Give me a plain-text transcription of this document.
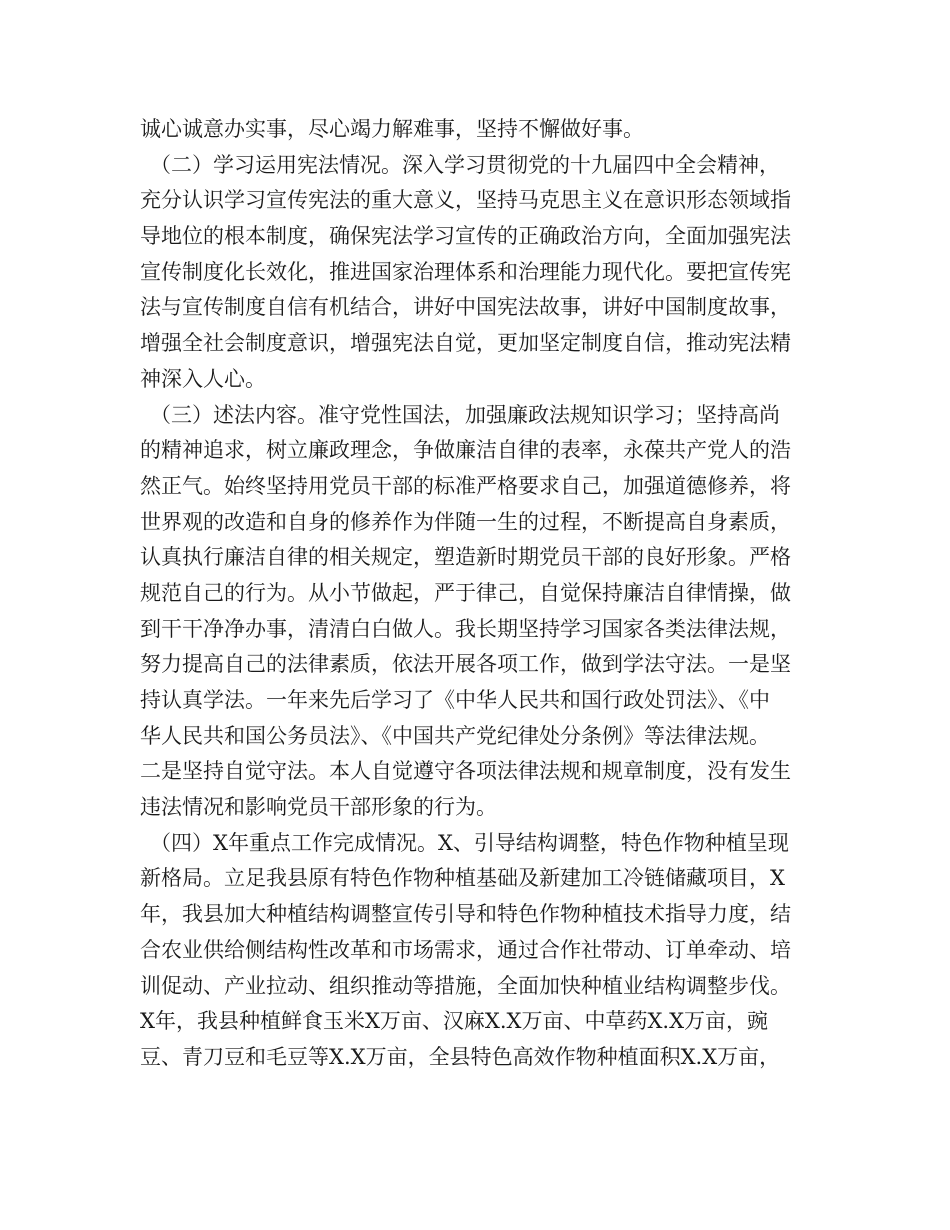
诚心诚意办实事，尽心竭力解难事，坚持不懈做好事。
（二）学习运用宪法情况。深入学习贯彻党的十九届四中全会精神，
充分认识学习宣传宪法的重大意义，坚持马克思主义在意识形态领域指
导地位的根本制度，确保宪法学习宣传的正确政治方向，全面加强宪法
宣传制度化长效化，推进国家治理体系和治理能力现代化。要把宣传宪
法与宣传制度自信有机结合，讲好中国宪法故事，讲好中国制度故事，
增强全社会制度意识，增强宪法自觉，更加坚定制度自信，推动宪法精
神深入人心。
（三）述法内容。准守党性国法，加强廉政法规知识学习；坚持高尚
的精神追求，树立廉政理念，争做廉洁自律的表率，永葆共产党人的浩
然正气。始终坚持用党员干部的标准严格要求自己，加强道德修养，将
世界观的改造和自身的修养作为伴随一生的过程，不断提高自身素质，
认真执行廉洁自律的相关规定，塑造新时期党员干部的良好形象。严格
规范自己的行为。从小节做起，严于律己，自觉保持廉洁自律情操，做
到干干净净办事，清清白白做人。我长期坚持学习国家各类法律法规，
努力提高自己的法律素质，依法开展各项工作，做到学法守法。一是坚
持认真学法。一年来先后学习了《中华人民共和国行政处罚法》、《中
华人民共和国公务员法》、《中国共产党纪律处分条例》等法律法规。
二是坚持自觉守法。本人自觉遵守各项法律法规和规章制度，没有发生
违法情况和影响党员干部形象的行为。
（四）X年重点工作完成情况。X、引导结构调整，特色作物种植呈现
新格局。立足我县原有特色作物种植基础及新建加工冷链储藏项目，X
年，我县加大种植结构调整宣传引导和特色作物种植技术指导力度，结
合农业供给侧结构性改革和市场需求，通过合作社带动、订单牵动、培
训促动、产业拉动、组织推动等措施，全面加快种植业结构调整步伐。
X年，我县种植鲜食玉米X万亩、汉麻X.X万亩、中草药X.X万亩，豌
豆、青刀豆和毛豆等X.X万亩，全县特色高效作物种植面积X.X万亩，
